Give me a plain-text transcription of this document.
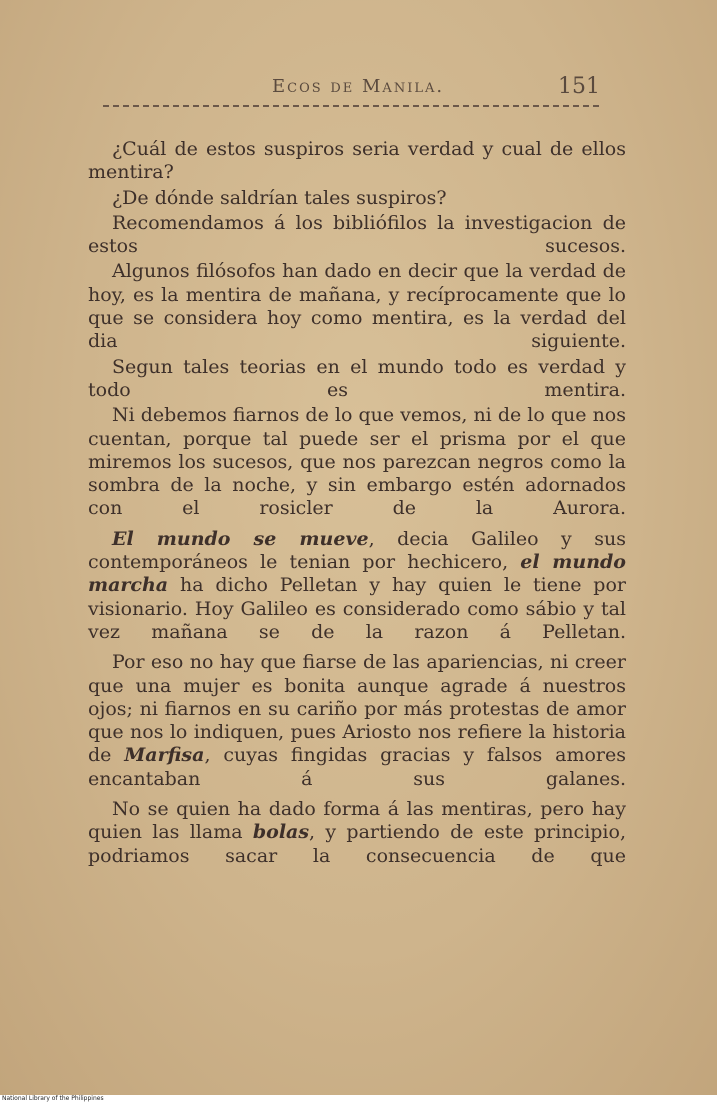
Ecos de Manila.	151

¿Cuál de estos suspiros seria verdad y cual de ellos mentira?

¿De dónde saldrían tales suspiros?

Recomendamos á los bibliófilos la investigacion de estos sucesos.

Algunos filósofos han dado en decir que la verdad de hoy, es la mentira de mañana, y recíprocamente que lo que se considera hoy como mentira, es la verdad del dia siguiente.

Segun tales teorias en el mundo todo es verdad y todo es mentira.

Ni debemos fiarnos de lo que vemos, ni de lo que nos cuentan, porque tal puede ser el prisma por el que miremos los sucesos, que nos parezcan negros como la sombra de la noche, y sin embargo estén adornados con el rosicler de la Aurora.

El mundo se mueve, decia Galileo y sus contemporáneos le tenian por hechicero, el mundo marcha ha dicho Pelletan y hay quien le tiene por visionario. Hoy Galileo es considerado como sábio y tal vez mañana se de la razon á Pelletan.

Por eso no hay que fiarse de las apariencias, ni creer que una mujer es bonita aunque agrade á nuestros ojos; ni fiarnos en su cariño por más protestas de amor que nos lo indiquen, pues Ariosto nos refiere la historia de Marfisa, cuyas fingidas gracias y falsos amores encantaban á sus galanes.

No se quien ha dado forma á las mentiras, pero hay quien las llama bolas, y partiendo de este principio, podriamos sacar la consecuencia de que

National Library of the Philippines
